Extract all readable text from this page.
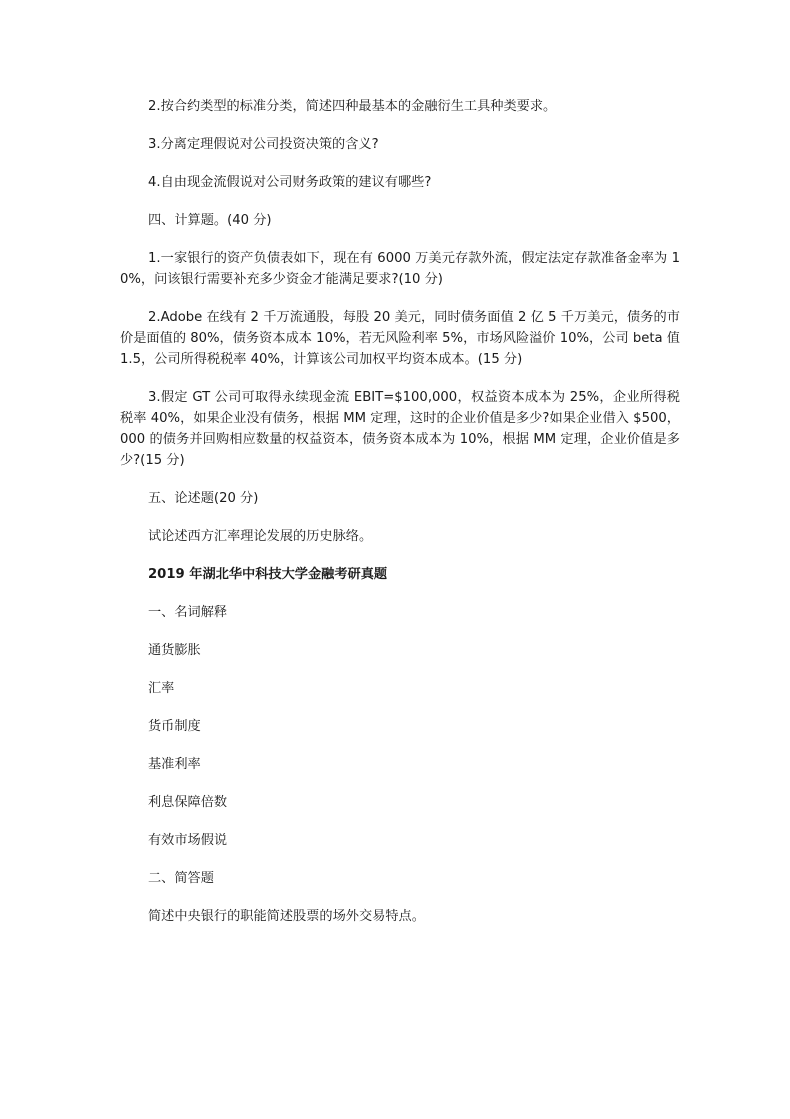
2.按合约类型的标准分类，简述四种最基本的金融衍生工具种类要求。

3.分离定理假说对公司投资决策的含义?

4.自由现金流假说对公司财务政策的建议有哪些?

四、计算题。(40 分)

1.一家银行的资产负债表如下，现在有 6000 万美元存款外流，假定法定存款准备金率为 10%，问该银行需要补充多少资金才能满足要求?(10 分)

2.Adobe 在线有 2 千万流通股，每股 20 美元，同时债务面值 2 亿 5 千万美元，债务的市价是面值的 80%，债务资本成本 10%，若无风险利率 5%，市场风险溢价 10%，公司 beta 值 1.5，公司所得税税率 40%，计算该公司加权平均资本成本。(15 分)

3.假定 GT 公司可取得永续现金流 EBIT=$100,000，权益资本成本为 25%，企业所得税税率 40%，如果企业没有债务，根据 MM 定理，这时的企业价值是多少?如果企业借入 $500，000 的债务并回购相应数量的权益资本，债务资本成本为 10%，根据 MM 定理，企业价值是多少?(15 分)

五、论述题(20 分)

试论述西方汇率理论发展的历史脉络。

2019 年湖北华中科技大学金融考研真题

一、名词解释

通货膨胀

汇率

货币制度

基准利率

利息保障倍数

有效市场假说

二、简答题

简述中央银行的职能简述股票的场外交易特点。
